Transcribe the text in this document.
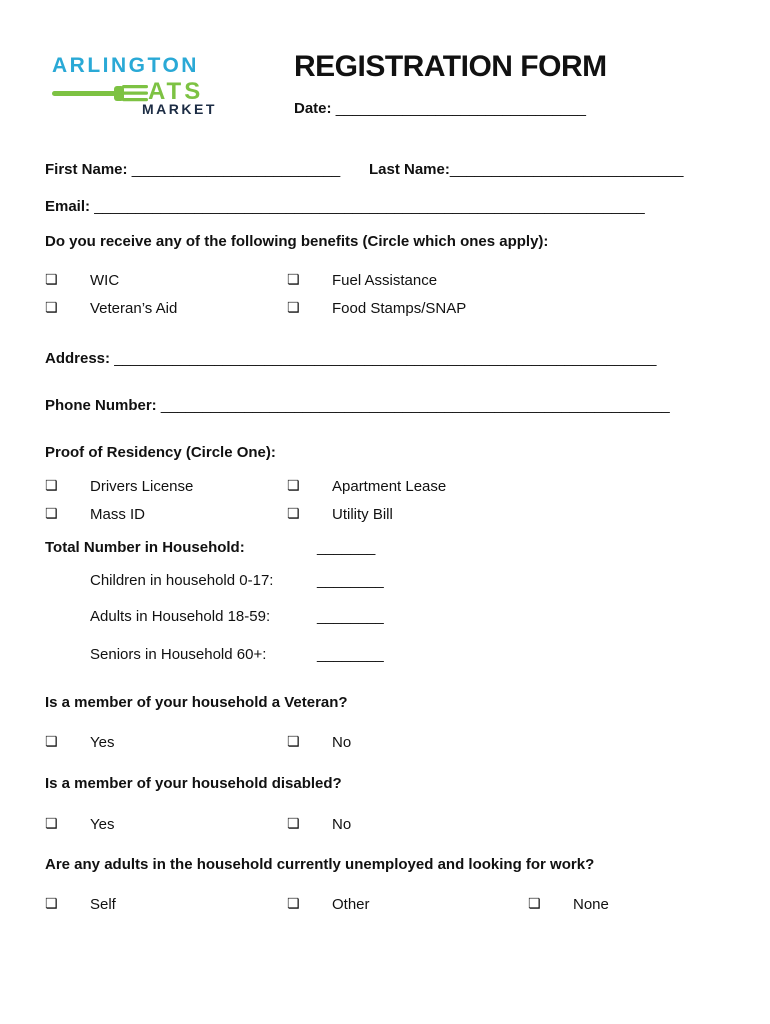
ARLINGTON
ATS
MARKET
REGISTRATION FORM
Date: ______________________________
First Name: _________________________ Last Name:____________________________
Email: __________________________________________________________________
Do you receive any of the following benefits (Circle which ones apply):
❏ WIC	❏ Fuel Assistance
❏ Veteran’s Aid	❏ Food Stamps/SNAP
Address: _________________________________________________________________
Phone Number: _____________________________________________________________
Proof of Residency (Circle One):
❏ Drivers License	❏ Apartment Lease
❏ Mass ID	❏ Utility Bill
Total Number in Household:	_______
Children in household 0-17:	________
Adults in Household 18-59:	________
Seniors in Household 60+:	________
Is a member of your household a Veteran?
❏ Yes	❏ No
Is a member of your household disabled?
❏ Yes	❏ No
Are any adults in the household currently unemployed and looking for work?
❏ Self	❏ Other	❏ None
